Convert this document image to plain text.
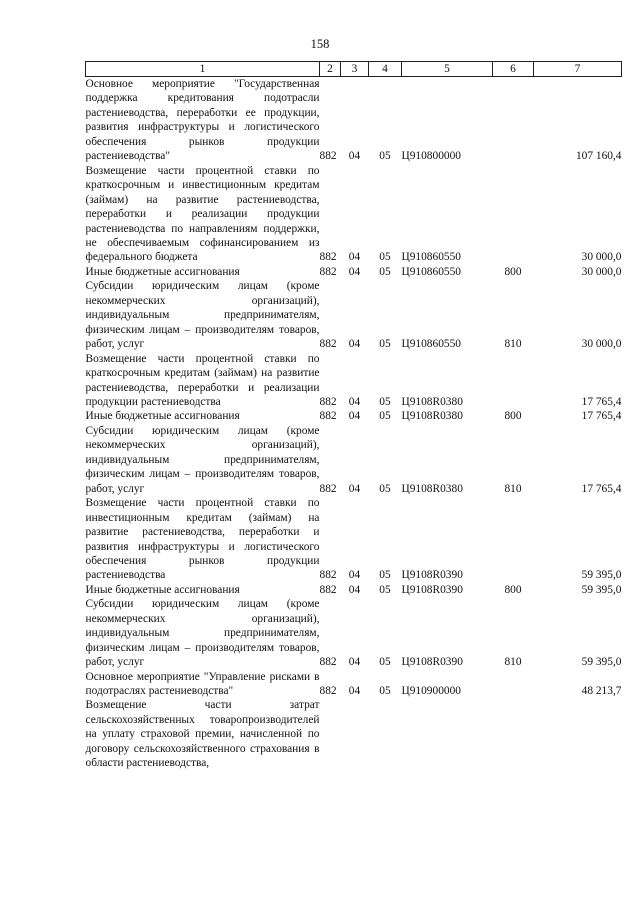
158
1	2	3	4	5	6	7
Основное мероприятие "Государственная поддержка кредитования подотрасли растениеводства, переработки ее продукции, развития инфраструктуры и логистического обеспечения рынков продукции растениеводства"	882	04	05	Ц910800000		107 160,4
Возмещение части процентной ставки по краткосрочным и инвестиционным кредитам (займам) на развитие растениеводства, переработки и реализации продукции растениеводства по направлениям поддержки, не обеспечиваемым софинансированием из федерального бюджета	882	04	05	Ц910860550		30 000,0
Иные бюджетные ассигнования	882	04	05	Ц910860550	800	30 000,0
Субсидии юридическим лицам (кроме некоммерческих организаций), индивидуальным предпринимателям, физическим лицам – производителям товаров, работ, услуг	882	04	05	Ц910860550	810	30 000,0
Возмещение части процентной ставки по краткосрочным кредитам (займам) на развитие растениеводства, переработки и реализации продукции растениеводства	882	04	05	Ц9108R0380		17 765,4
Иные бюджетные ассигнования	882	04	05	Ц9108R0380	800	17 765,4
Субсидии юридическим лицам (кроме некоммерческих организаций), индивидуальным предпринимателям, физическим лицам – производителям товаров, работ, услуг	882	04	05	Ц9108R0380	810	17 765,4
Возмещение части процентной ставки по инвестиционным кредитам (займам) на развитие растениеводства, переработки и развития инфраструктуры и логистического обеспечения рынков продукции растениеводства	882	04	05	Ц9108R0390		59 395,0
Иные бюджетные ассигнования	882	04	05	Ц9108R0390	800	59 395,0
Субсидии юридическим лицам (кроме некоммерческих организаций), индивидуальным предпринимателям, физическим лицам – производителям товаров, работ, услуг	882	04	05	Ц9108R0390	810	59 395,0
Основное мероприятие "Управление рисками в подотраслях растениеводства"	882	04	05	Ц910900000		48 213,7
Возмещение части затрат сельскохозяйственных товаропроизводителей на уплату страховой премии, начисленной по договору сельскохозяйственного страхования в области растениеводства,						
